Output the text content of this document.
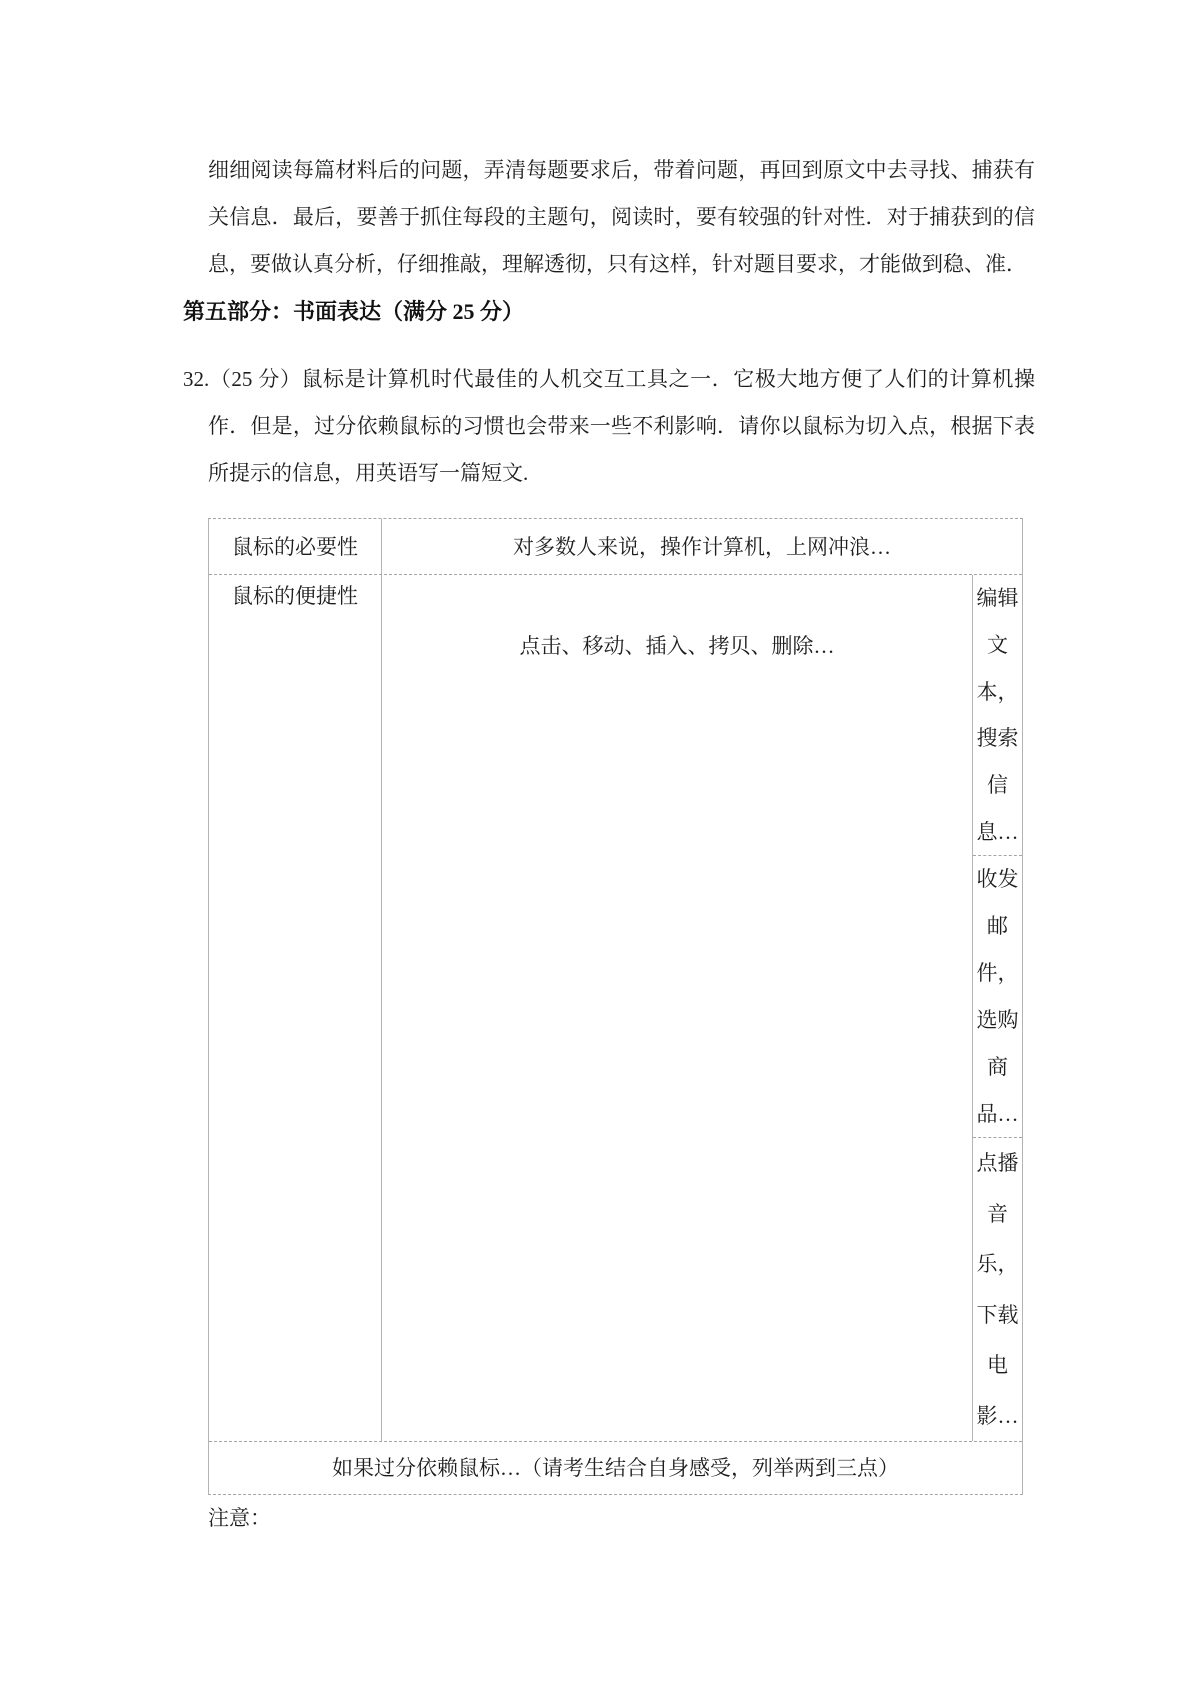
细细阅读每篇材料后的问题，弄清每题要求后，带着问题，再回到原文中去寻找、捕获有关信息．最后，要善于抓住每段的主题句，阅读时，要有较强的针对性．对于捕获到的信息，要做认真分析，仔细推敲，理解透彻，只有这样，针对题目要求，才能做到稳、准．

第五部分：书面表达（满分 25 分）

32.（25 分）鼠标是计算机时代最佳的人机交互工具之一．它极大地方便了人们的计算机操作．但是，过分依赖鼠标的习惯也会带来一些不利影响．请你以鼠标为切入点，根据下表所提示的信息，用英语写一篇短文.

鼠标的必要性	对多数人来说，操作计算机，上网冲浪…
鼠标的便捷性
点击、移动、插入、拷贝、删除…
编辑
文
本，
搜索
信
息…
收发
邮
件，
选购
商
品…
点播
音
乐，
下载
电
影…
如果过分依赖鼠标…（请考生结合自身感受，列举两到三点）
注意：
